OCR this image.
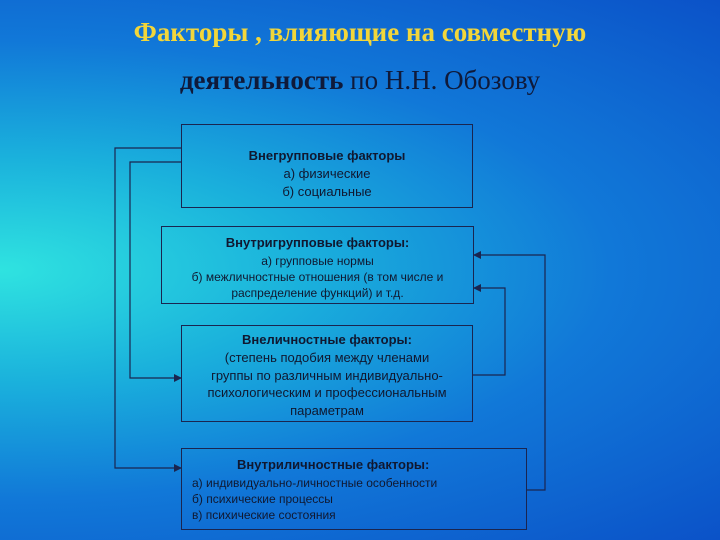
Факторы , влияющие на совместную
деятельность по Н.Н. Обозову
Внегрупповые факторы
а) физические
б) социальные
Внутригрупповые факторы:
а) групповые нормы
б) межличностные отношения (в том числе и
распределение функций) и т.д.
Внеличностные факторы:
(степень подобия между членами
группы по различным индивидуально-
психологическим и профессиональным
параметрам
Внутриличностные факторы:
а) индивидуально-личностные особенности
б) психические процессы
в) психические состояния
